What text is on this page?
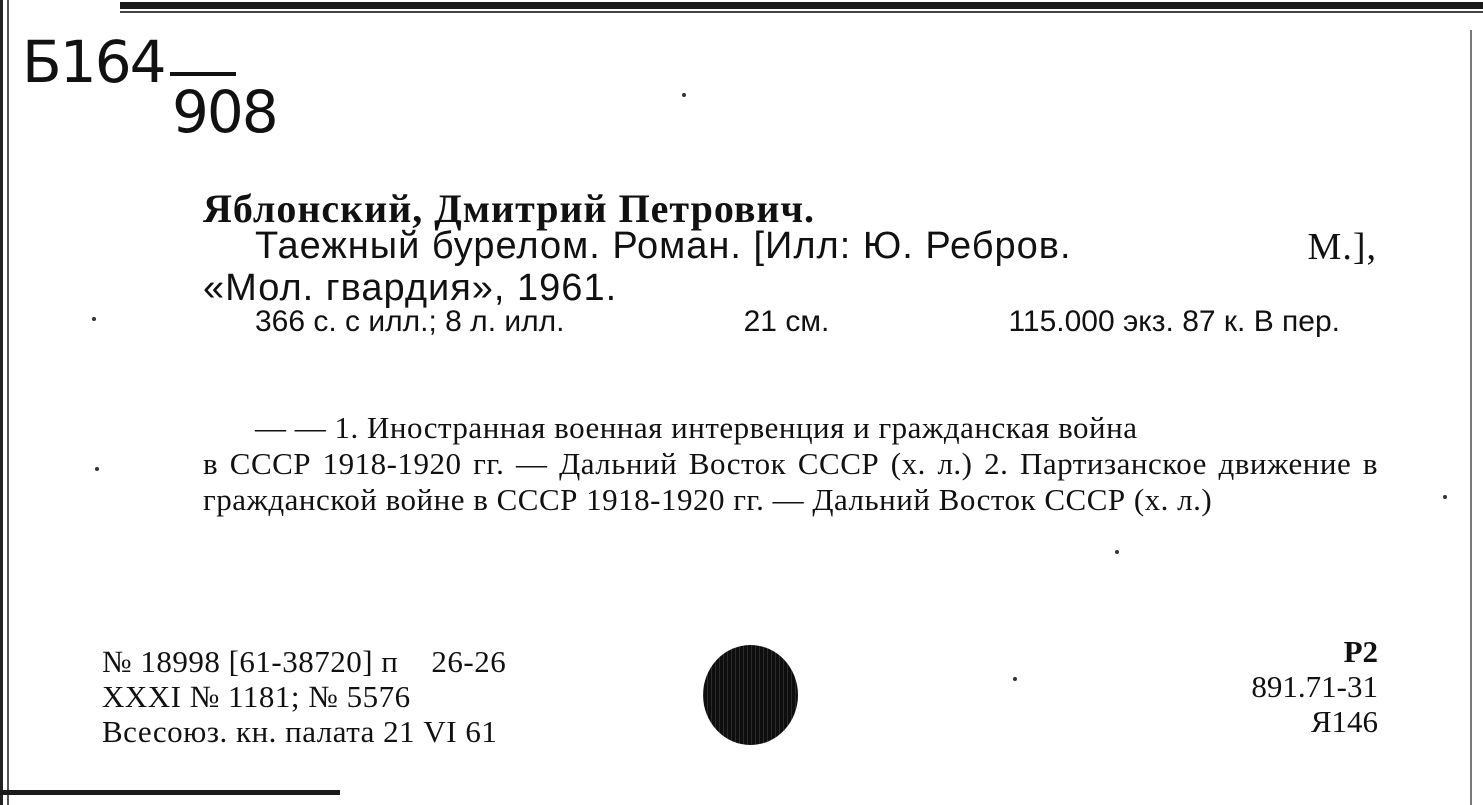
Б164
908
Яблонский, Дмитрий Петрович.
Таежный бурелом. Роман. [Илл: Ю. Ребров.	М.],
«Мол. гвардия», 1961.
366 с. с илл.; 8 л. илл.	21 см.	115.000 экз. 87 к. В пер.
— — 1. Иностранная военная интервенция и гражданская война
в СССР 1918-1920 гг. — Дальний Восток СССР (х. л.) 2. Партизанское движение в гражданской войне в СССР 1918-1920 гг. — Дальний Восток СССР (х. л.)
№ 18998 [61-38720] п    26-26
XXXI № 1181; № 5576
Всесоюз. кн. палата 21 VI 61
Р2
891.71-31
Я146
